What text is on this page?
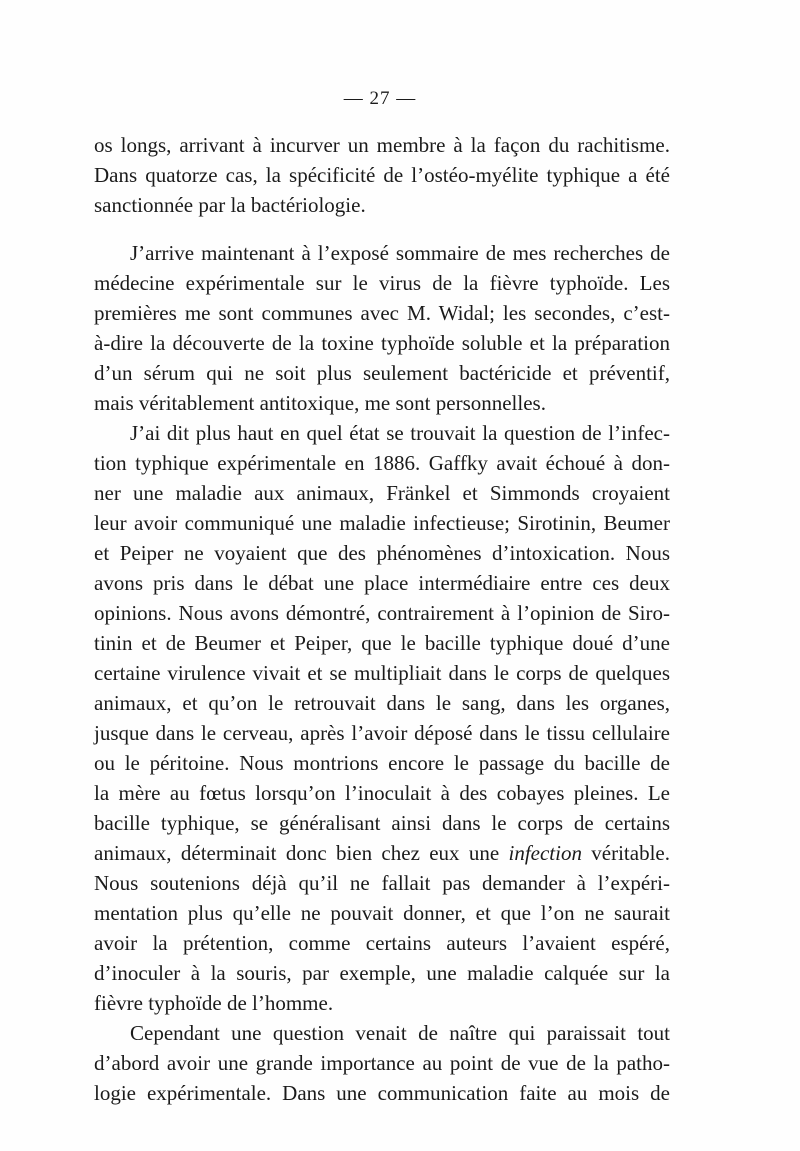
— 27 —
os longs, arrivant à incurver un membre à la façon du rachitisme.
Dans quatorze cas, la spécificité de l’ostéo-myélite typhique a été
sanctionnée par la bactériologie.
J’arrive maintenant à l’exposé sommaire de mes recherches de
médecine expérimentale sur le virus de la fièvre typhoïde. Les
premières me sont communes avec M. Widal; les secondes, c’est-
à-dire la découverte de la toxine typhoïde soluble et la préparation
d’un sérum qui ne soit plus seulement bactéricide et préventif,
mais véritablement antitoxique, me sont personnelles.
J’ai dit plus haut en quel état se trouvait la question de l’infec-
tion typhique expérimentale en 1886. Gaffky avait échoué à don-
ner une maladie aux animaux, Fränkel et Simmonds croyaient
leur avoir communiqué une maladie infectieuse; Sirotinin, Beumer
et Peiper ne voyaient que des phénomènes d’intoxication. Nous
avons pris dans le débat une place intermédiaire entre ces deux
opinions. Nous avons démontré, contrairement à l’opinion de Siro-
tinin et de Beumer et Peiper, que le bacille typhique doué d’une
certaine virulence vivait et se multipliait dans le corps de quelques
animaux, et qu’on le retrouvait dans le sang, dans les organes,
jusque dans le cerveau, après l’avoir déposé dans le tissu cellulaire
ou le péritoine. Nous montrions encore le passage du bacille de
la mère au fœtus lorsqu’on l’inoculait à des cobayes pleines. Le
bacille typhique, se généralisant ainsi dans le corps de certains
animaux, déterminait donc bien chez eux une infection véritable.
Nous soutenions déjà qu’il ne fallait pas demander à l’expéri-
mentation plus qu’elle ne pouvait donner, et que l’on ne saurait
avoir la prétention, comme certains auteurs l’avaient espéré,
d’inoculer à la souris, par exemple, une maladie calquée sur la
fièvre typhoïde de l’homme.
Cependant une question venait de naître qui paraissait tout
d’abord avoir une grande importance au point de vue de la patho-
logie expérimentale. Dans une communication faite au mois de
